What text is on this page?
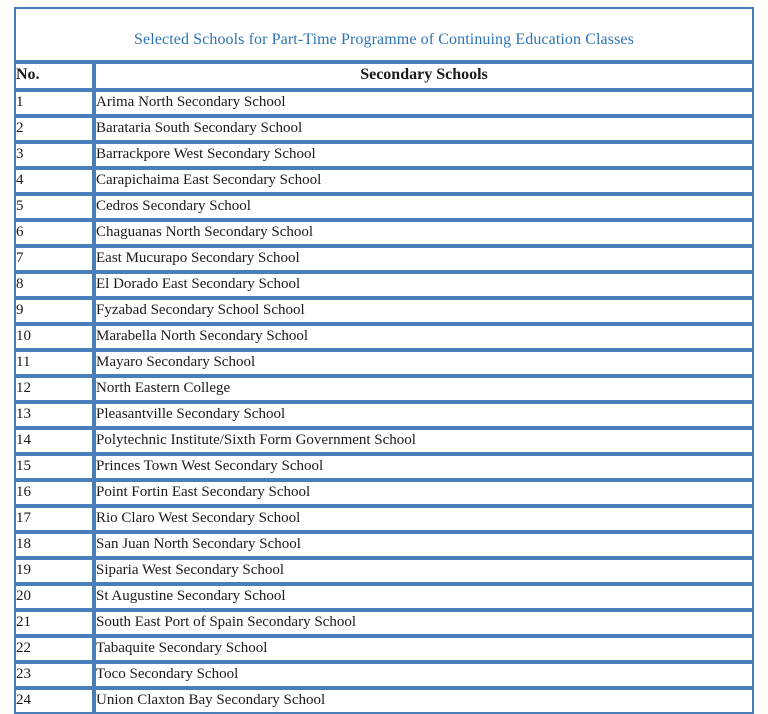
Selected Schools for Part-Time Programme of Continuing Education Classes	

No.	Secondary Schools
1	Arima North Secondary School
2	Barataria South Secondary School
3	Barrackpore West Secondary School
4	Carapichaima East Secondary School
5	Cedros Secondary School
6	Chaguanas North Secondary School
7	East Mucurapo Secondary School
8	El Dorado East Secondary School
9	Fyzabad Secondary School School
10	Marabella North Secondary School
11	Mayaro Secondary School
12	North Eastern College
13	Pleasantville Secondary School
14	Polytechnic Institute/Sixth Form Government School
15	Princes Town West Secondary School
16	Point Fortin East Secondary School
17	Rio Claro West Secondary School
18	San Juan North Secondary School
19	Siparia West Secondary School
20	St Augustine Secondary School
21	South East Port of Spain Secondary School
22	Tabaquite Secondary School
23	Toco Secondary School
24	Union Claxton Bay Secondary School
